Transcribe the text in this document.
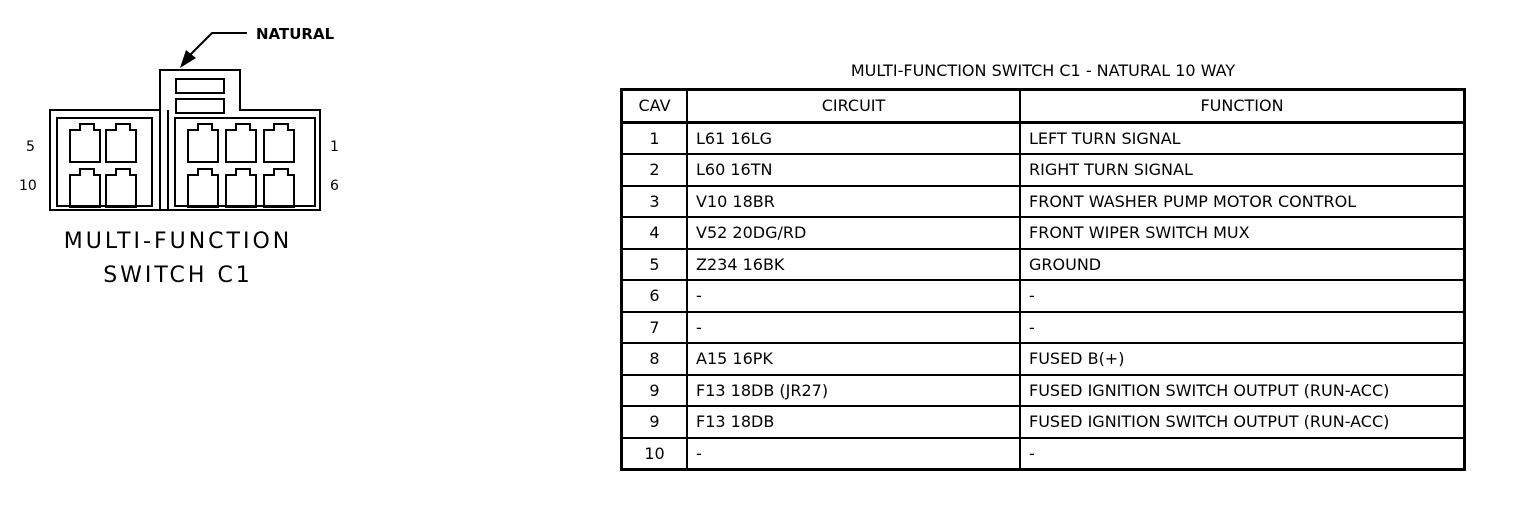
NATURAL
5
10
1
6
MULTI-FUNCTION
SWITCH C1
MULTI-FUNCTION SWITCH C1 - NATURAL 10 WAY
CAV	CIRCUIT	FUNCTION
1	L61 16LG	LEFT TURN SIGNAL
2	L60 16TN	RIGHT TURN SIGNAL
3	V10 18BR	FRONT WASHER PUMP MOTOR CONTROL
4	V52 20DG/RD	FRONT WIPER SWITCH MUX
5	Z234 16BK	GROUND
6	-	-
7	-	-
8	A15 16PK	FUSED B(+)
9	F13 18DB (JR27)	FUSED IGNITION SWITCH OUTPUT (RUN-ACC)
9	F13 18DB	FUSED IGNITION SWITCH OUTPUT (RUN-ACC)
10	-	-
